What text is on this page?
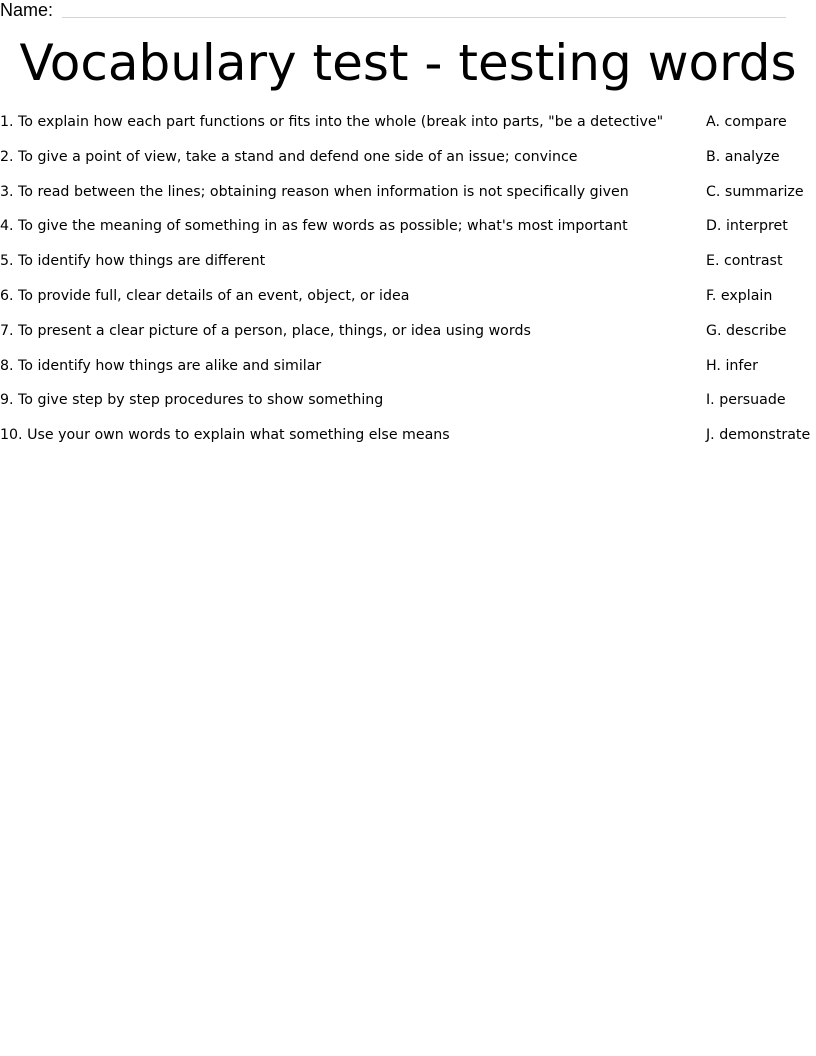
Name:
Vocabulary test - testing words
1. To explain how each part functions or fits into the whole (break into parts, "be a detective"
2. To give a point of view, take a stand and defend one side of an issue; convince
3. To read between the lines; obtaining reason when information is not specifically given
4. To give the meaning of something in as few words as possible; what's most important
5. To identify how things are different
6. To provide full, clear details of an event, object, or idea
7. To present a clear picture of a person, place, things, or idea using words
8. To identify how things are alike and similar
9. To give step by step procedures to show something
10. Use your own words to explain what something else means
A. compare
B. analyze
C. summarize
D. interpret
E. contrast
F. explain
G. describe
H. infer
I. persuade
J. demonstrate
